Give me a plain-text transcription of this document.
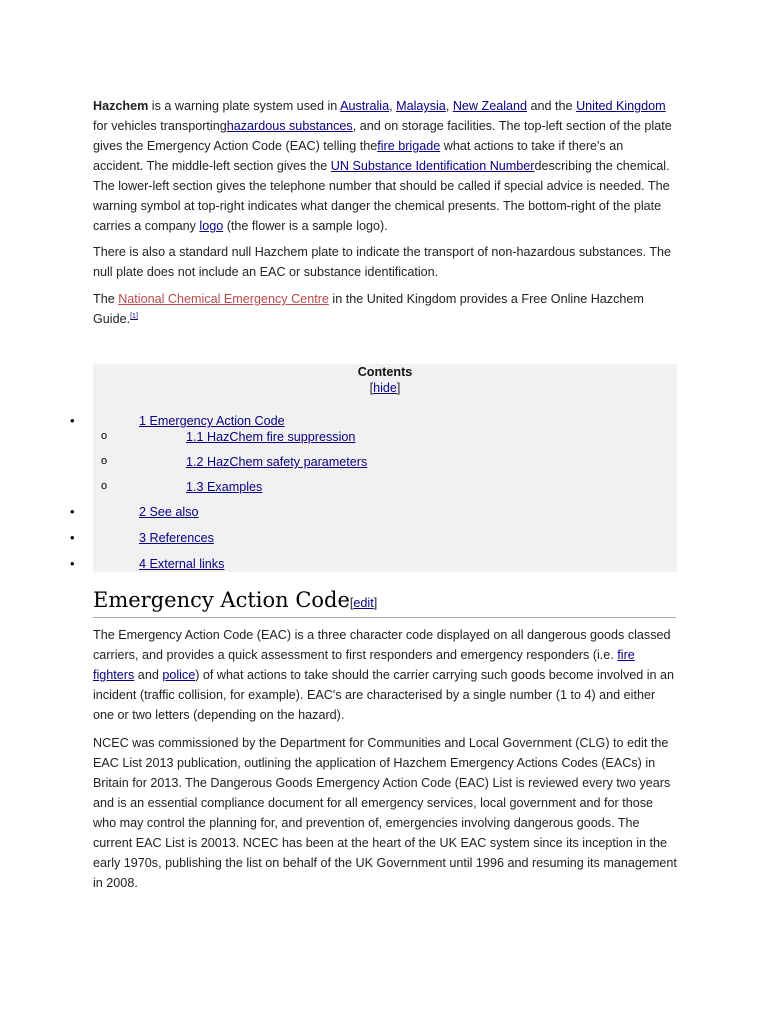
Hazchem is a warning plate system used in Australia, Malaysia, New Zealand and the United Kingdom for vehicles transportinghazardous substances, and on storage facilities. The top-left section of the plate gives the Emergency Action Code (EAC) telling thefire brigade what actions to take if there's an accident. The middle-left section gives the UN Substance Identification Numberdescribing the chemical. The lower-left section gives the telephone number that should be called if special advice is needed. The warning symbol at top-right indicates what danger the chemical presents. The bottom-right of the plate carries a company logo (the flower is a sample logo).

There is also a standard null Hazchem plate to indicate the transport of non-hazardous substances. The null plate does not include an EAC or substance identification.

The National Chemical Emergency Centre in the United Kingdom provides a Free Online Hazchem Guide.[1]

Contents
[hide]
•	1 Emergency Action Code
o	1.1 HazChem fire suppression
o	1.2 HazChem safety parameters
o	1.3 Examples
•	2 See also
•	3 References
•	4 External links
Emergency Action Code[edit]

The Emergency Action Code (EAC) is a three character code displayed on all dangerous goods classed carriers, and provides a quick assessment to first responders and emergency responders (i.e. fire fighters and police) of what actions to take should the carrier carrying such goods become involved in an incident (traffic collision, for example). EAC's are characterised by a single number (1 to 4) and either one or two letters (depending on the hazard).

NCEC was commissioned by the Department for Communities and Local Government (CLG) to edit the EAC List 2013 publication, outlining the application of Hazchem Emergency Actions Codes (EACs) in Britain for 2013. The Dangerous Goods Emergency Action Code (EAC) List is reviewed every two years and is an essential compliance document for all emergency services, local government and for those who may control the planning for, and prevention of, emergencies involving dangerous goods. The current EAC List is 20013. NCEC has been at the heart of the UK EAC system since its inception in the early 1970s, publishing the list on behalf of the UK Government until 1996 and resuming its management in 2008.
